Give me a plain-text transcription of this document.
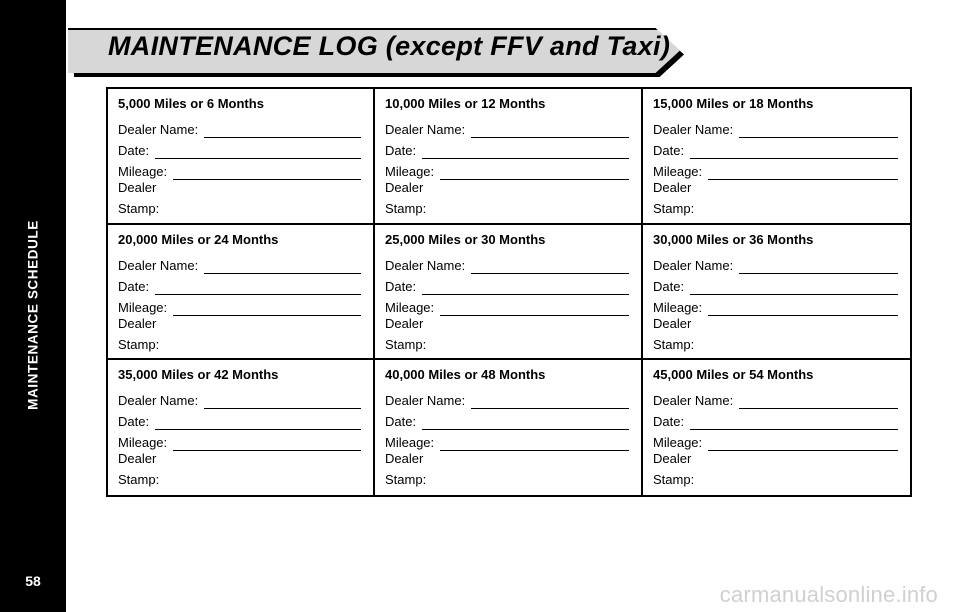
MAINTENANCE SCHEDULE
58
MAINTENANCE LOG (except FFV and Taxi)
5,000 Miles or 6 Months
Dealer Name:
Date:
Mileage:
Dealer
Stamp:
10,000 Miles or 12 Months
Dealer Name:
Date:
Mileage:
Dealer
Stamp:
15,000 Miles or 18 Months
Dealer Name:
Date:
Mileage:
Dealer
Stamp:
20,000 Miles or 24 Months
Dealer Name:
Date:
Mileage:
Dealer
Stamp:
25,000 Miles or 30 Months
Dealer Name:
Date:
Mileage:
Dealer
Stamp:
30,000 Miles or 36 Months
Dealer Name:
Date:
Mileage:
Dealer
Stamp:
35,000 Miles or 42 Months
Dealer Name:
Date:
Mileage:
Dealer
Stamp:
40,000 Miles or 48 Months
Dealer Name:
Date:
Mileage:
Dealer
Stamp:
45,000 Miles or 54 Months
Dealer Name:
Date:
Mileage:
Dealer
Stamp:
carmanualsonline.info
